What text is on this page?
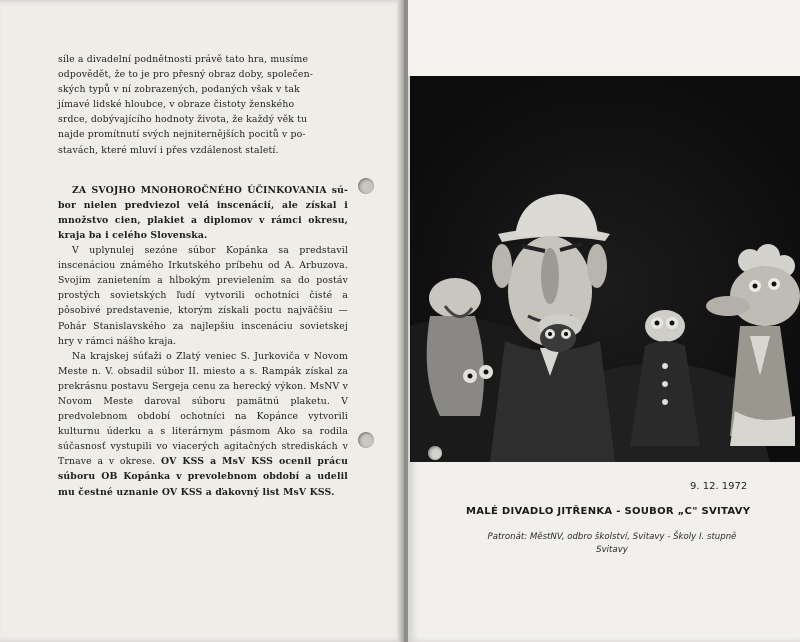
síle a divadelní podnětnosti právě tato hra, musíme
odpovědět, že to je pro přesný obraz doby, společen-
ských typů v ní zobrazených, podaných však v tak
jímavé lidské hloubce, v obraze čistoty ženského
srdce, dobývajícího hodnoty života, že každý věk tu
najde promítnutí svých nejniternějších pocitů v po-
stavách, které mluví i přes vzdálenost staletí.

ZA SVOJHO MNOHOROČNÉHO ÚČINKOVANIA sú-bor nielen predviezol velá inscenácií, ale získal i množstvo cien, plakiet a diplomov v rámci okresu, kraja ba i celého Slovenska.

V uplynulej sezóne súbor Kopánka sa predstavil inscenáciou známého Irkutského príbehu od A. Arbuzova. Svojim zanietením a hĺbokým previelením sa do postáv prostých sovietských ľudí vytvorili ochotníci čisté a pôsobivé predstavenie, ktorým získali poctu najväčšiu — Pohár Stanislavského za najlepšiu inscenáciu sovietskej hry v rámci nášho kraja.

Na krajskej súťaži o Zlatý veniec S. Jurkoviča v Novom Meste n. V. obsadil súbor II. miesto a s. Rampák získal za prekrásnu postavu Sergeja cenu za herecký výkon. MsNV v Novom Meste daroval súboru pamätnú plaketu. V predvolebnom období ochotníci na Kopánce vytvorili kulturnu úderku a s literárnym pásmom Ako sa rodila súčasnosť vystupili vo viacerých agitačných strediskách v Trnave a v okrese. OV KSS a MsV KSS ocenil prácu súboru OB Kopánka v prevolebnom období a udelil mu čestné uznanie OV KSS a ďakovný list MsV KSS.

9. 12. 1972
MALÉ DIVADLO JITŘENKA - SOUBOR „C" SVITAVY
Patronát: MěstNV, odbro školství, Svitavy - Školy I. stupně
Svitavy
